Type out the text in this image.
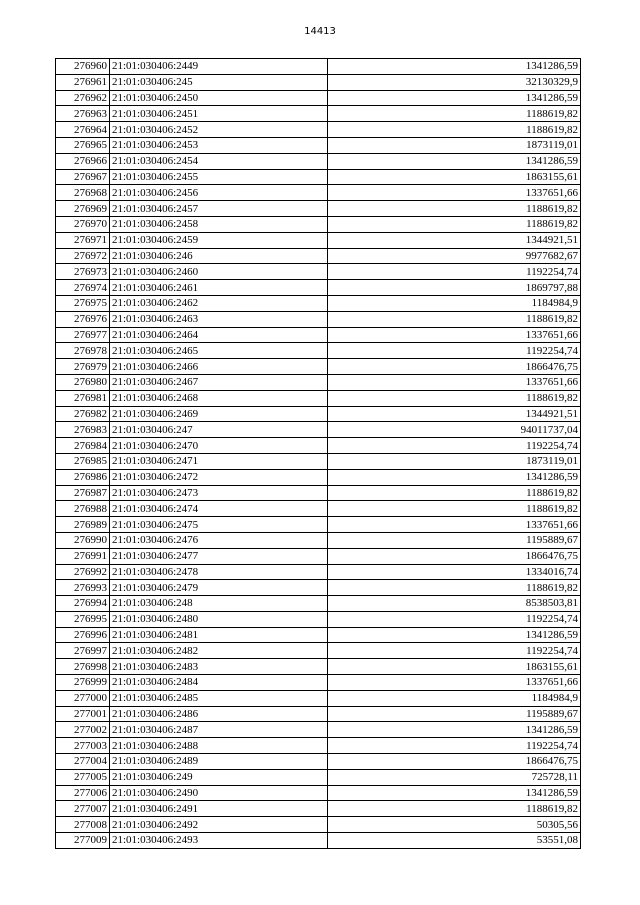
14413
276960	21:01:030406:2449	1341286,59
276961	21:01:030406:245	32130329,9
276962	21:01:030406:2450	1341286,59
276963	21:01:030406:2451	1188619,82
276964	21:01:030406:2452	1188619,82
276965	21:01:030406:2453	1873119,01
276966	21:01:030406:2454	1341286,59
276967	21:01:030406:2455	1863155,61
276968	21:01:030406:2456	1337651,66
276969	21:01:030406:2457	1188619,82
276970	21:01:030406:2458	1188619,82
276971	21:01:030406:2459	1344921,51
276972	21:01:030406:246	9977682,67
276973	21:01:030406:2460	1192254,74
276974	21:01:030406:2461	1869797,88
276975	21:01:030406:2462	1184984,9
276976	21:01:030406:2463	1188619,82
276977	21:01:030406:2464	1337651,66
276978	21:01:030406:2465	1192254,74
276979	21:01:030406:2466	1866476,75
276980	21:01:030406:2467	1337651,66
276981	21:01:030406:2468	1188619,82
276982	21:01:030406:2469	1344921,51
276983	21:01:030406:247	94011737,04
276984	21:01:030406:2470	1192254,74
276985	21:01:030406:2471	1873119,01
276986	21:01:030406:2472	1341286,59
276987	21:01:030406:2473	1188619,82
276988	21:01:030406:2474	1188619,82
276989	21:01:030406:2475	1337651,66
276990	21:01:030406:2476	1195889,67
276991	21:01:030406:2477	1866476,75
276992	21:01:030406:2478	1334016,74
276993	21:01:030406:2479	1188619,82
276994	21:01:030406:248	8538503,81
276995	21:01:030406:2480	1192254,74
276996	21:01:030406:2481	1341286,59
276997	21:01:030406:2482	1192254,74
276998	21:01:030406:2483	1863155,61
276999	21:01:030406:2484	1337651,66
277000	21:01:030406:2485	1184984,9
277001	21:01:030406:2486	1195889,67
277002	21:01:030406:2487	1341286,59
277003	21:01:030406:2488	1192254,74
277004	21:01:030406:2489	1866476,75
277005	21:01:030406:249	725728,11
277006	21:01:030406:2490	1341286,59
277007	21:01:030406:2491	1188619,82
277008	21:01:030406:2492	50305,56
277009	21:01:030406:2493	53551,08
